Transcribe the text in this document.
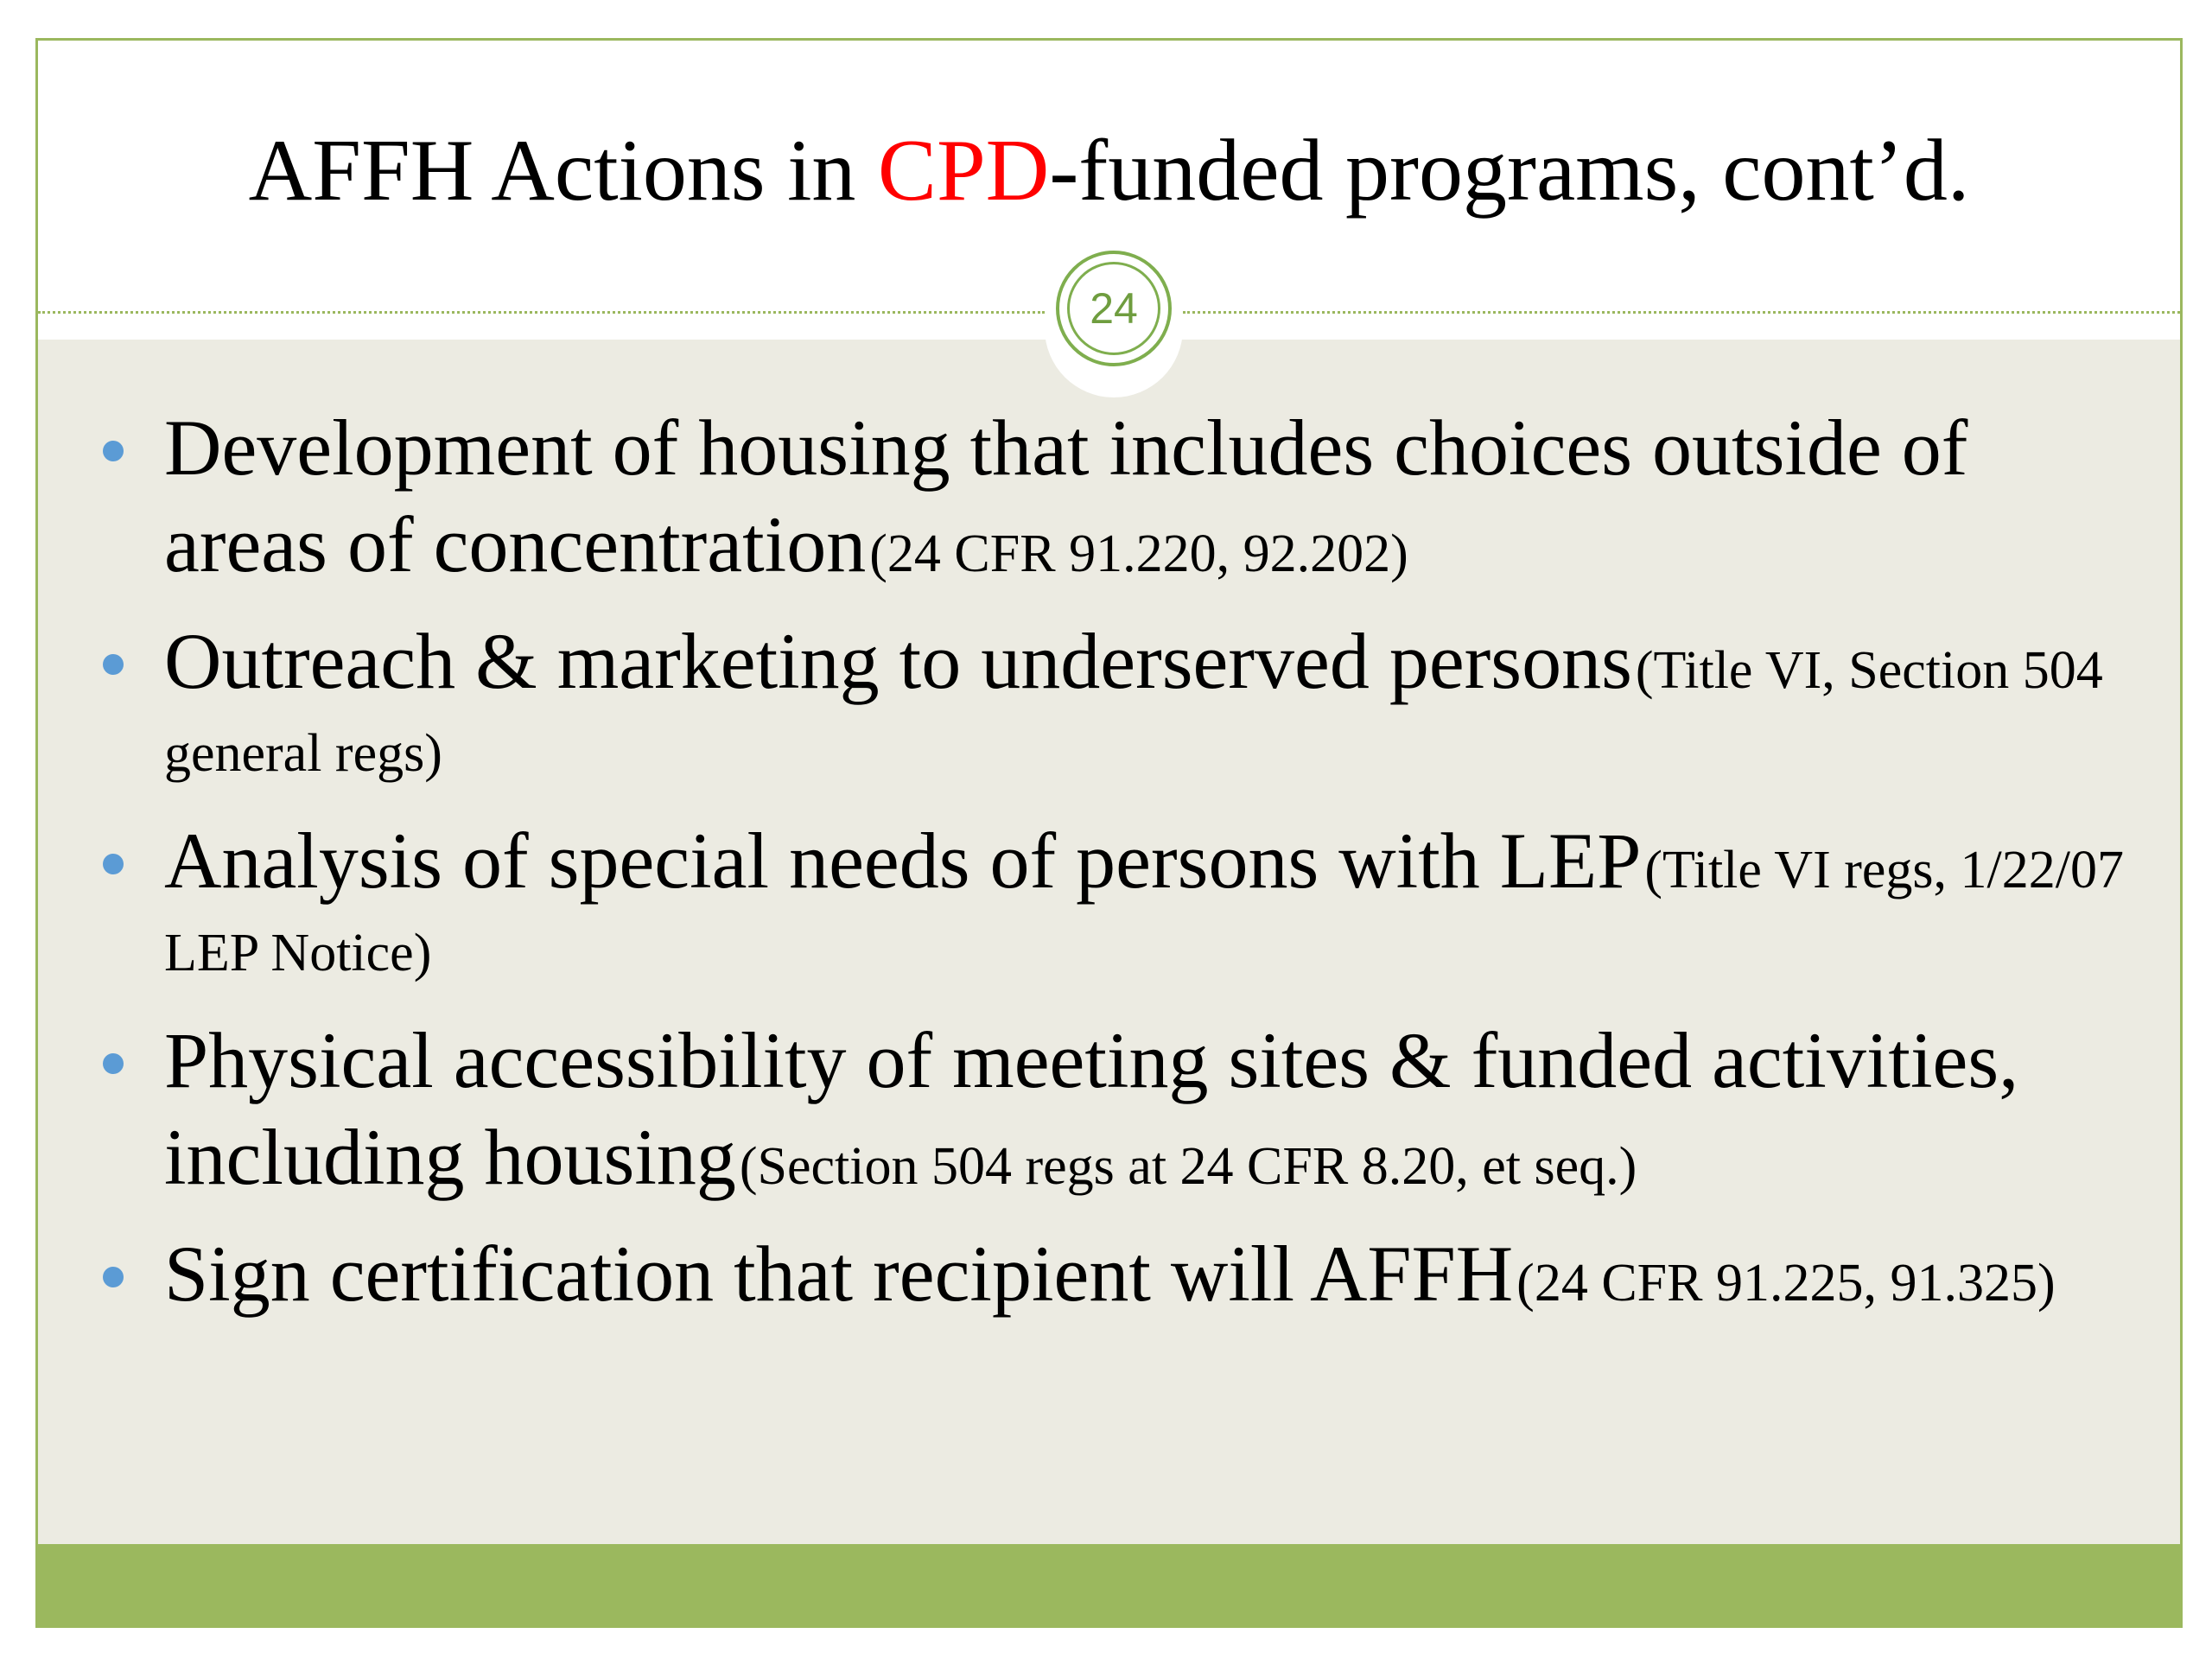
AFFH Actions in CPD-funded programs, cont’d.
24
Development of housing that includes choices outside of areas of concentration (24 CFR 91.220, 92.202)
Outreach & marketing to underserved persons (Title VI, Section 504 general regs)
Analysis of special needs of persons with LEP (Title VI regs, 1/22/07 LEP Notice)
Physical accessibility of meeting sites & funded activities, including housing (Section 504 regs at 24 CFR 8.20, et seq.)
Sign certification that recipient will AFFH (24 CFR 91.225, 91.325)
